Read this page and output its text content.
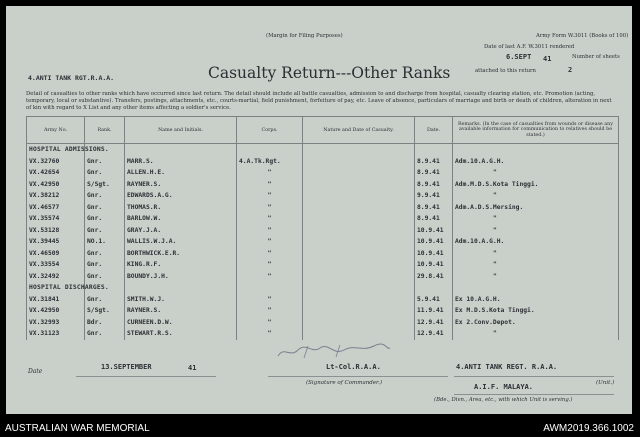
(Margin for Filing Purposes)	Army Form W.3011 (Books of 100)
Date of last A.F. W.3011 rendered
6.SEPT 41	Number of sheets
attached to this return	2
4.ANTI TANK RGT.R.A.A.	Casualty Return---Other Ranks
Detail of casualties to other ranks which have occurred since last return. The detail should include all battle casualties, admission to and discharge from hospital, casualty clearing station, etc. Promotion (acting, temporary, local or substantive). Transfers, postings, attachments, etc., courts-martial, field punishment, forfeiture of pay, etc. Leave of absence, particulars of marriage and birth or death of children, alteration in next of kin with regard to X List and any other items affecting a soldier's service.
Army No.	Rank.	Name and Initials.	Corps.	Nature and Date of Casualty.	Date.	Remarks. (In the case of casualties from wounds or disease any available information for communication to relatives should be stated.)
HOSPITAL ADMISSIONS.						
VX.32760	Gnr.	MARR.S.	4.A.Tk.Rgt.		8.9.41	Adm.10.A.G.H.
VX.42654	Gnr.	ALLEN.H.E.	"		8.9.41	"
VX.42950	S/Sgt.	RAYNER.S.	"		8.9.41	Adm.M.D.S.Kota Tinggi.
VX.38212	Gnr.	EDWARDS.A.G.	"		9.9.41	"
VX.46577	Gnr.	THOMAS.R.	"		8.9.41	Adm.A.D.S.Mersing.
VX.35574	Gnr.	BARLOW.W.	"		8.9.41	"
VX.53128	Gnr.	GRAY.J.A.	"		10.9.41	"
VX.39445	NO.1.	WALLIS.W.J.A.	"		10.9.41	Adm.10.A.G.H.
VX.46509	Gnr.	BORTHWICK.E.R.	"		10.9.41	"
VX.33554	Gnr.	KING.R.F.	"		10.9.41	"
VX.32492	Gnr.	BOUNDY.J.H.	"		29.8.41	"
HOSPITAL DISCHARGES.						
VX.31841	Gnr.	SMITH.W.J.	"		5.9.41	Ex 10.A.G.H.
VX.42950	S/Sgt.	RAYNER.S.	"		11.9.41	Ex M.D.S.Kota Tinggi.
VX.32993	Bdr.	CURNEEN.D.W.	"		12.9.41	Ex 2.Conv.Depot.
VX.31123	Gnr.	STEWART.R.S.	"		12.9.41	"
Date
13.SEPTEMBER	41	Lt-Col.R.A.A.
(Signature of Commander.)
4.ANTI TANK REGT. R.A.A.
(Unit.)
A.I.F. MALAYA.
(Bde., Divn., Area, etc., with which Unit is serving.)
AUSTRALIAN WAR MEMORIAL	AWM2019.366.1002
